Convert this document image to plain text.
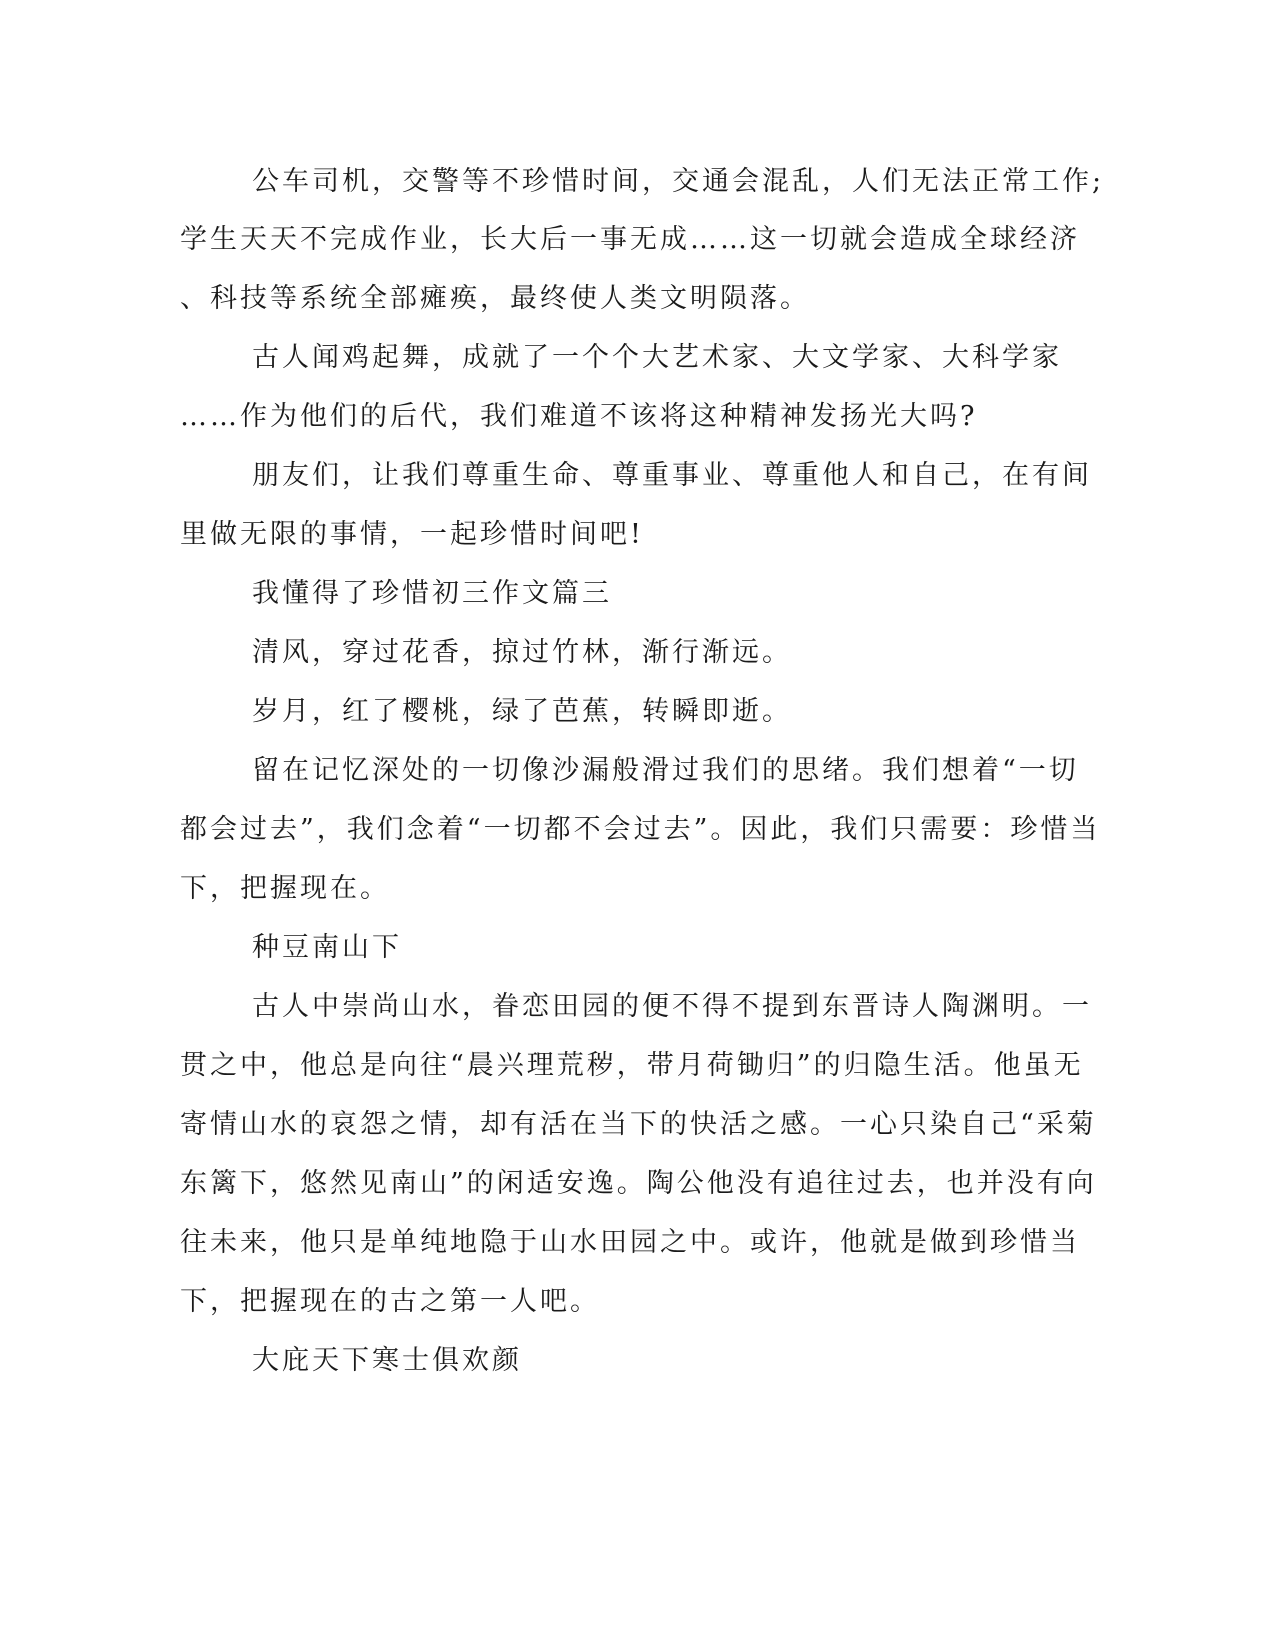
公车司机，交警等不珍惜时间，交通会混乱，人们无法正常工作;
学生天天不完成作业，长大后一事无成……这一切就会造成全球经济
、科技等系统全部瘫痪，最终使人类文明陨落。
古人闻鸡起舞，成就了一个个大艺术家、大文学家、大科学家
……作为他们的后代，我们难道不该将这种精神发扬光大吗?
朋友们，让我们尊重生命、尊重事业、尊重他人和自己，在有间
里做无限的事情，一起珍惜时间吧!
我懂得了珍惜初三作文篇三
清风，穿过花香，掠过竹林，渐行渐远。
岁月，红了樱桃，绿了芭蕉，转瞬即逝。
留在记忆深处的一切像沙漏般滑过我们的思绪。我们想着“一切
都会过去”，我们念着“一切都不会过去”。因此，我们只需要：珍惜当
下，把握现在。
种豆南山下
古人中崇尚山水，眷恋田园的便不得不提到东晋诗人陶渊明。一
贯之中，他总是向往“晨兴理荒秽，带月荷锄归”的归隐生活。他虽无
寄情山水的哀怨之情，却有活在当下的快活之感。一心只染自己“采菊
东篱下，悠然见南山”的闲适安逸。陶公他没有追往过去，也并没有向
往未来，他只是单纯地隐于山水田园之中。或许，他就是做到珍惜当
下，把握现在的古之第一人吧。
大庇天下寒士俱欢颜
